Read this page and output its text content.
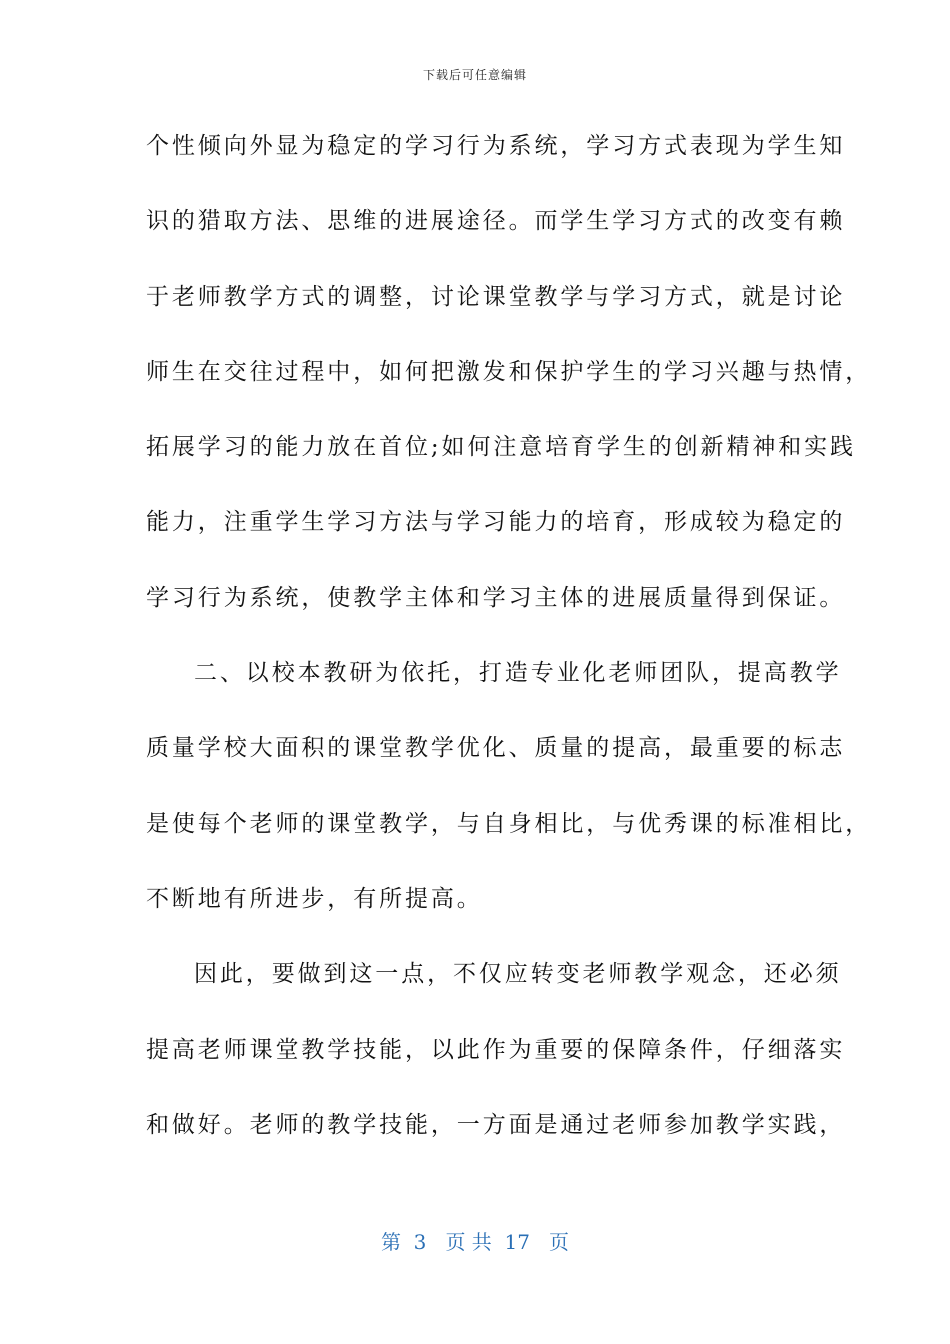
下载后可任意编辑
个性倾向外显为稳定的学习行为系统，学习方式表现为学生知
识的猎取方法、思维的进展途径。而学生学习方式的改变有赖
于老师教学方式的调整，讨论课堂教学与学习方式，就是讨论
师生在交往过程中，如何把激发和保护学生的学习兴趣与热情，
拓展学习的能力放在首位;如何注意培育学生的创新精神和实践
能力，注重学生学习方法与学习能力的培育，形成较为稳定的
学习行为系统，使教学主体和学习主体的进展质量得到保证。
二、以校本教研为依托，打造专业化老师团队，提高教学
质量学校大面积的课堂教学优化、质量的提高，最重要的标志
是使每个老师的课堂教学，与自身相比，与优秀课的标准相比，
不断地有所进步，有所提高。
因此，要做到这一点，不仅应转变老师教学观念，还必须
提高老师课堂教学技能，以此作为重要的保障条件，仔细落实
和做好。老师的教学技能，一方面是通过老师参加教学实践，
第  3   页 共  17   页
